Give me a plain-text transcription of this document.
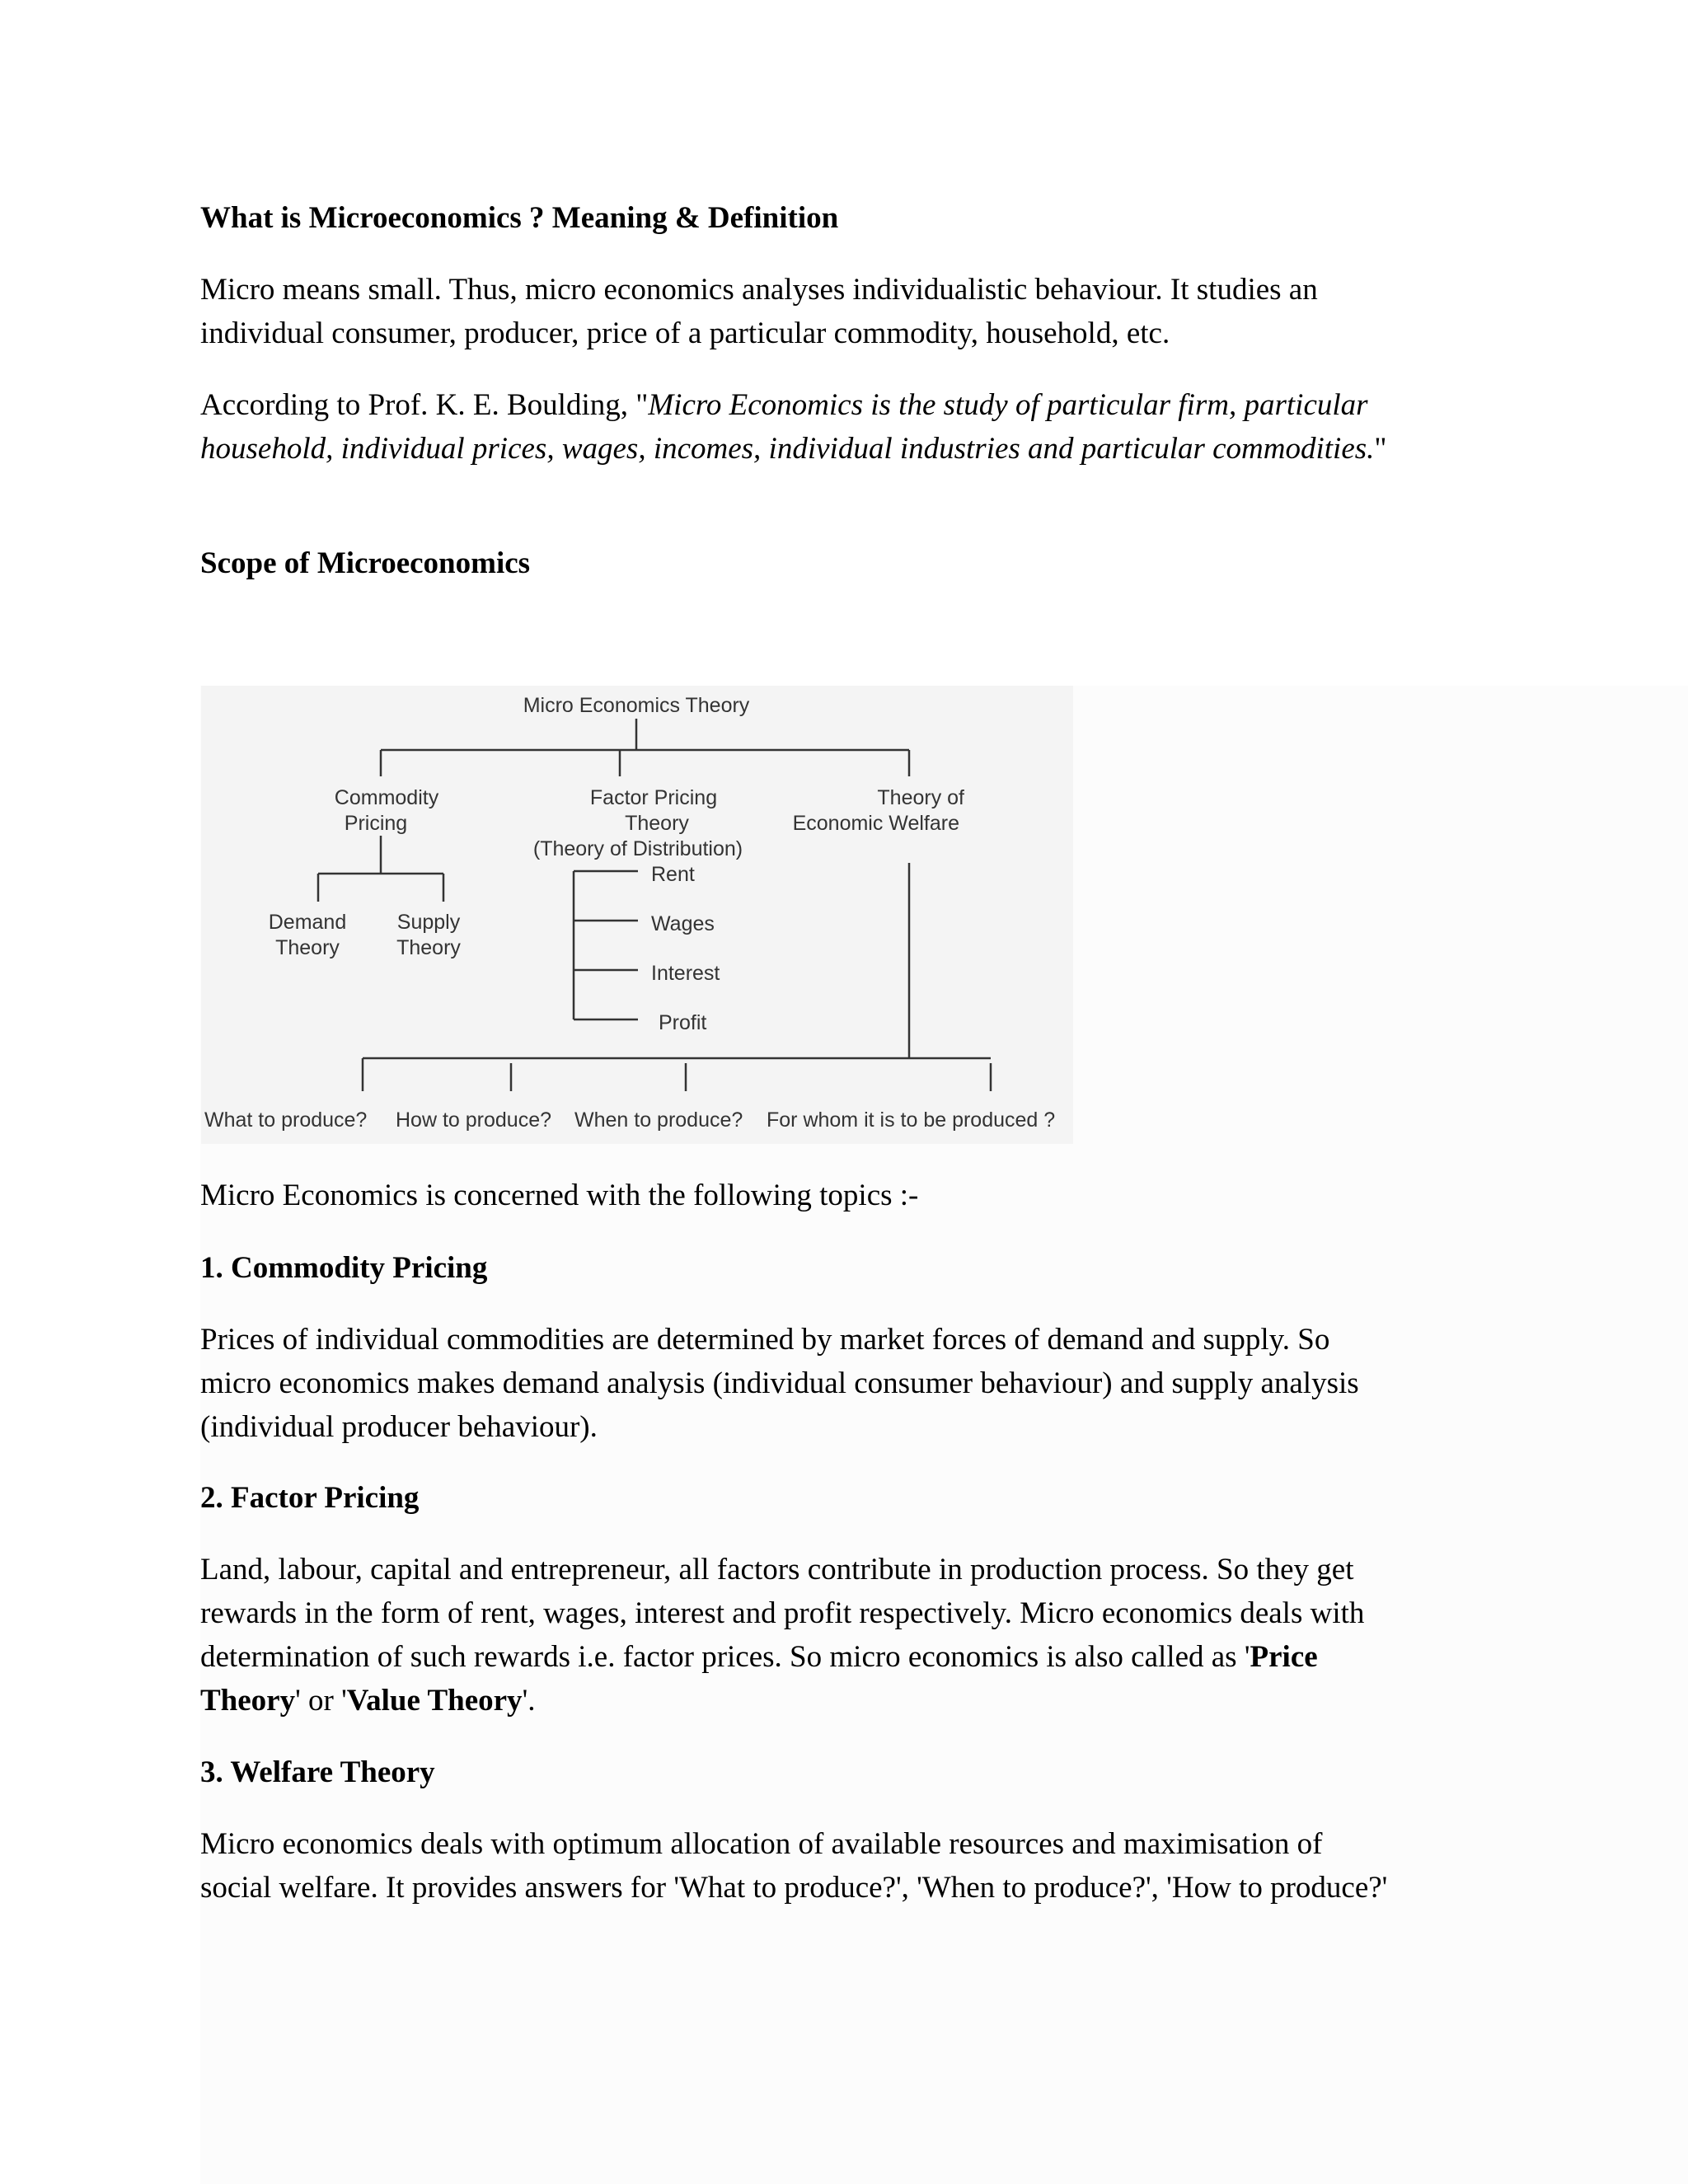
What is Microeconomics ? Meaning & Definition

Micro means small. Thus, micro economics analyses individualistic behaviour. It studies an

individual consumer, producer, price of a particular commodity, household, etc.

According to Prof. K. E. Boulding, "Micro Economics is the study of particular firm, particular

household, individual prices, wages, incomes, individual industries and particular commodities."

Scope of Microeconomics
Micro Economics Theory
Commodity
Pricing
Factor Pricing
Theory
(Theory of Distribution)
Theory of
Economic Welfare
Demand
Theory
Supply
Theory
Rent
Wages
Interest
Profit
What to produce? How to produce? When to produce? For whom it is to be produced ?

Micro Economics is concerned with the following topics :-

1. Commodity Pricing

Prices of individual commodities are determined by market forces of demand and supply. So

micro economics makes demand analysis (individual consumer behaviour) and supply analysis

(individual producer behaviour).

2. Factor Pricing

Land, labour, capital and entrepreneur, all factors contribute in production process. So they get

rewards in the form of rent, wages, interest and profit respectively. Micro economics deals with

determination of such rewards i.e. factor prices. So micro economics is also called as 'Price

Theory' or 'Value Theory'.

3. Welfare Theory

Micro economics deals with optimum allocation of available resources and maximisation of

social welfare. It provides answers for 'What to produce?', 'When to produce?', 'How to produce?'
